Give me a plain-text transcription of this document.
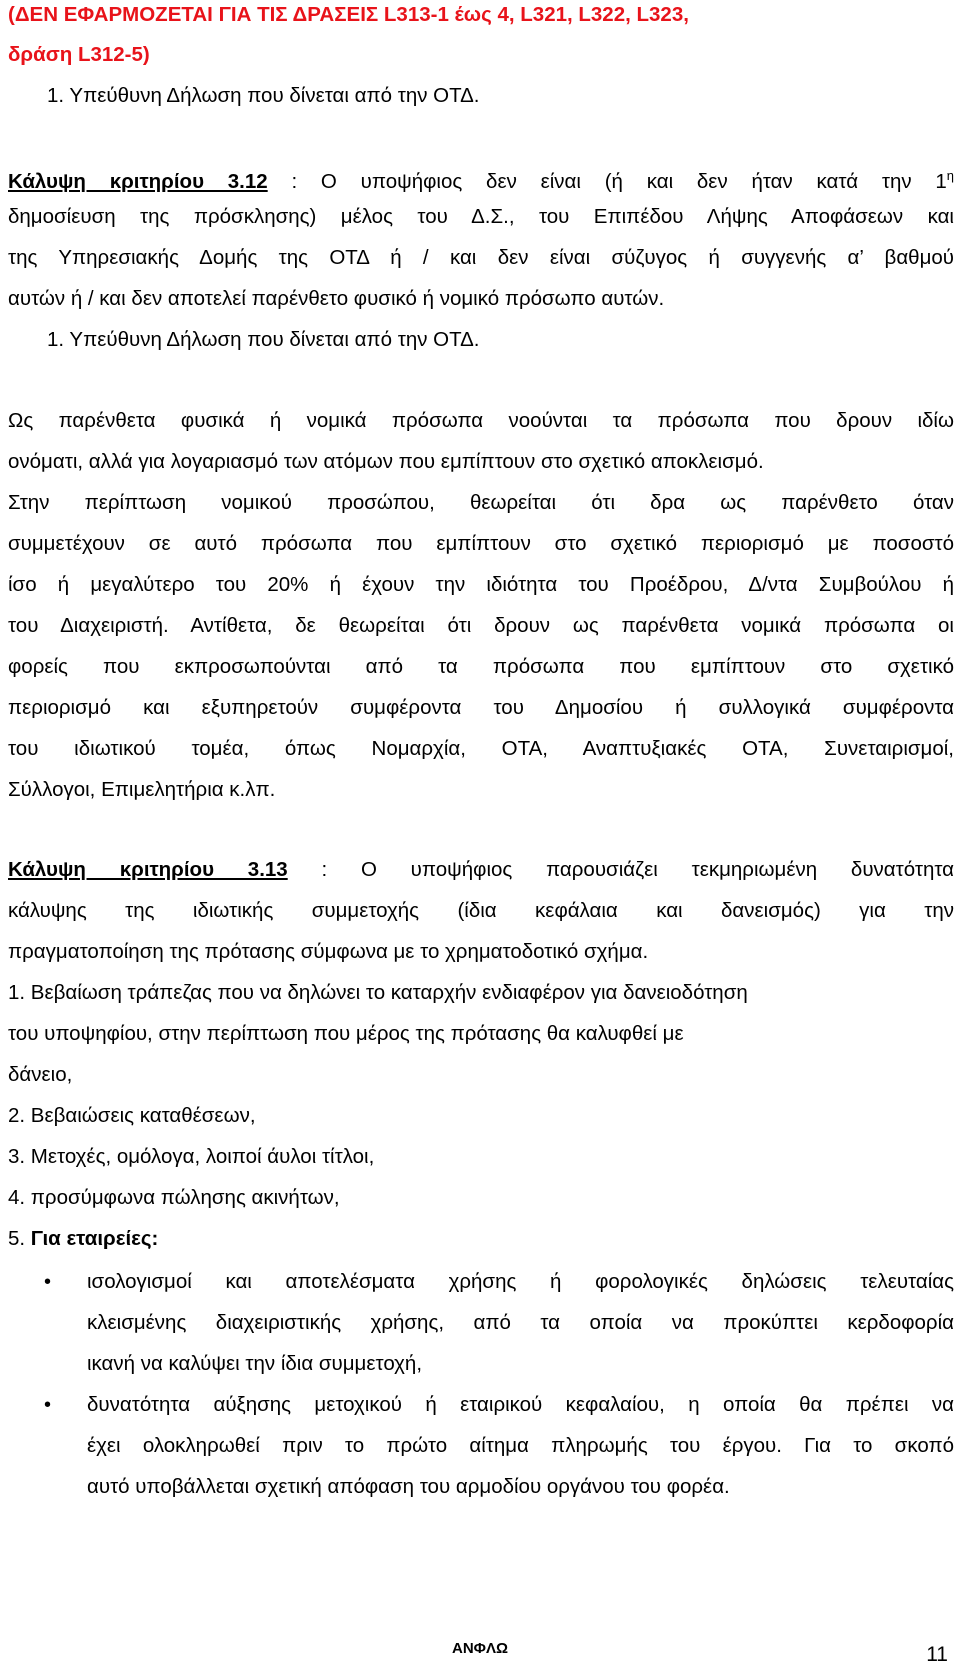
(ΔΕΝ ΕΦΑΡΜΟΖΕΤΑΙ ΓΙΑ ΤΙΣ ΔΡΑΣΕΙΣ L313-1 έως 4, L321, L322, L323,
δράση L312-5)
1. Υπεύθυνη Δήλωση που δίνεται από την ΟΤΔ.
Κάλυψη κριτηρίου 3.12 : Ο υποψήφιος δεν είναι (ή και δεν ήταν κατά την $1^\eta$
δημοσίευση της πρόσκλησης) μέλος του Δ.Σ., του Επιπέδου Λήψης Αποφάσεων και
της Υπηρεσιακής Δομής της ΟΤΔ ή / και δεν είναι σύζυγος ή συγγενής α’ βαθμού
αυτών ή / και δεν αποτελεί παρένθετο φυσικό ή νομικό πρόσωπο αυτών.
1. Υπεύθυνη Δήλωση που δίνεται από την ΟΤΔ.
Ως παρένθετα φυσικά ή νομικά πρόσωπα νοούνται τα πρόσωπα που δρουν ιδίω
ονόματι, αλλά για λογαριασμό των ατόμων που εμπίπτουν στο σχετικό αποκλεισμό.
Στην περίπτωση νομικού προσώπου, θεωρείται ότι δρα ως παρένθετο όταν
συμμετέχουν σε αυτό πρόσωπα που εμπίπτουν στο σχετικό περιορισμό με ποσοστό
ίσο ή μεγαλύτερο του 20% ή έχουν την ιδιότητα του Προέδρου, Δ/ντα Συμβούλου ή
του Διαχειριστή. Αντίθετα, δε θεωρείται ότι δρουν ως παρένθετα νομικά πρόσωπα οι
φορείς που εκπροσωπούνται από τα πρόσωπα που εμπίπτουν στο σχετικό
περιορισμό και εξυπηρετούν συμφέροντα του Δημοσίου ή συλλογικά συμφέροντα
του ιδιωτικού τομέα, όπως Νομαρχία, ΟΤΑ, Αναπτυξιακές ΟΤΑ, Συνεταιρισμοί,
Σύλλογοι, Επιμελητήρια κ.λπ.
Κάλυψη κριτηρίου 3.13 : Ο υποψήφιος παρουσιάζει τεκμηριωμένη δυνατότητα
κάλυψης της ιδιωτικής συμμετοχής (ίδια κεφάλαια και δανεισμός) για την
πραγματοποίηση της πρότασης σύμφωνα με το χρηματοδοτικό σχήμα.
1. Βεβαίωση τράπεζας που να δηλώνει το καταρχήν ενδιαφέρον για δανειοδότηση
του υποψηφίου, στην περίπτωση που μέρος της πρότασης θα καλυφθεί με
δάνειο,
2. Βεβαιώσεις καταθέσεων,
3. Μετοχές, ομόλογα, λοιποί άυλοι τίτλοι,
4. προσύμφωνα πώλησης ακινήτων,
5. Για εταιρείες:
• ισολογισμοί και αποτελέσματα χρήσης ή φορολογικές δηλώσεις τελευταίας
κλεισμένης διαχειριστικής χρήσης, από τα οποία να προκύπτει κερδοφορία
ικανή να καλύψει την ίδια συμμετοχή,
• δυνατότητα αύξησης μετοχικού ή εταιρικού κεφαλαίου, η οποία θα πρέπει να
έχει ολοκληρωθεί πριν το πρώτο αίτημα πληρωμής του έργου. Για το σκοπό
αυτό υποβάλλεται σχετική απόφαση του αρμοδίου οργάνου του φορέα.
ΑΝΦΛΩ	11
